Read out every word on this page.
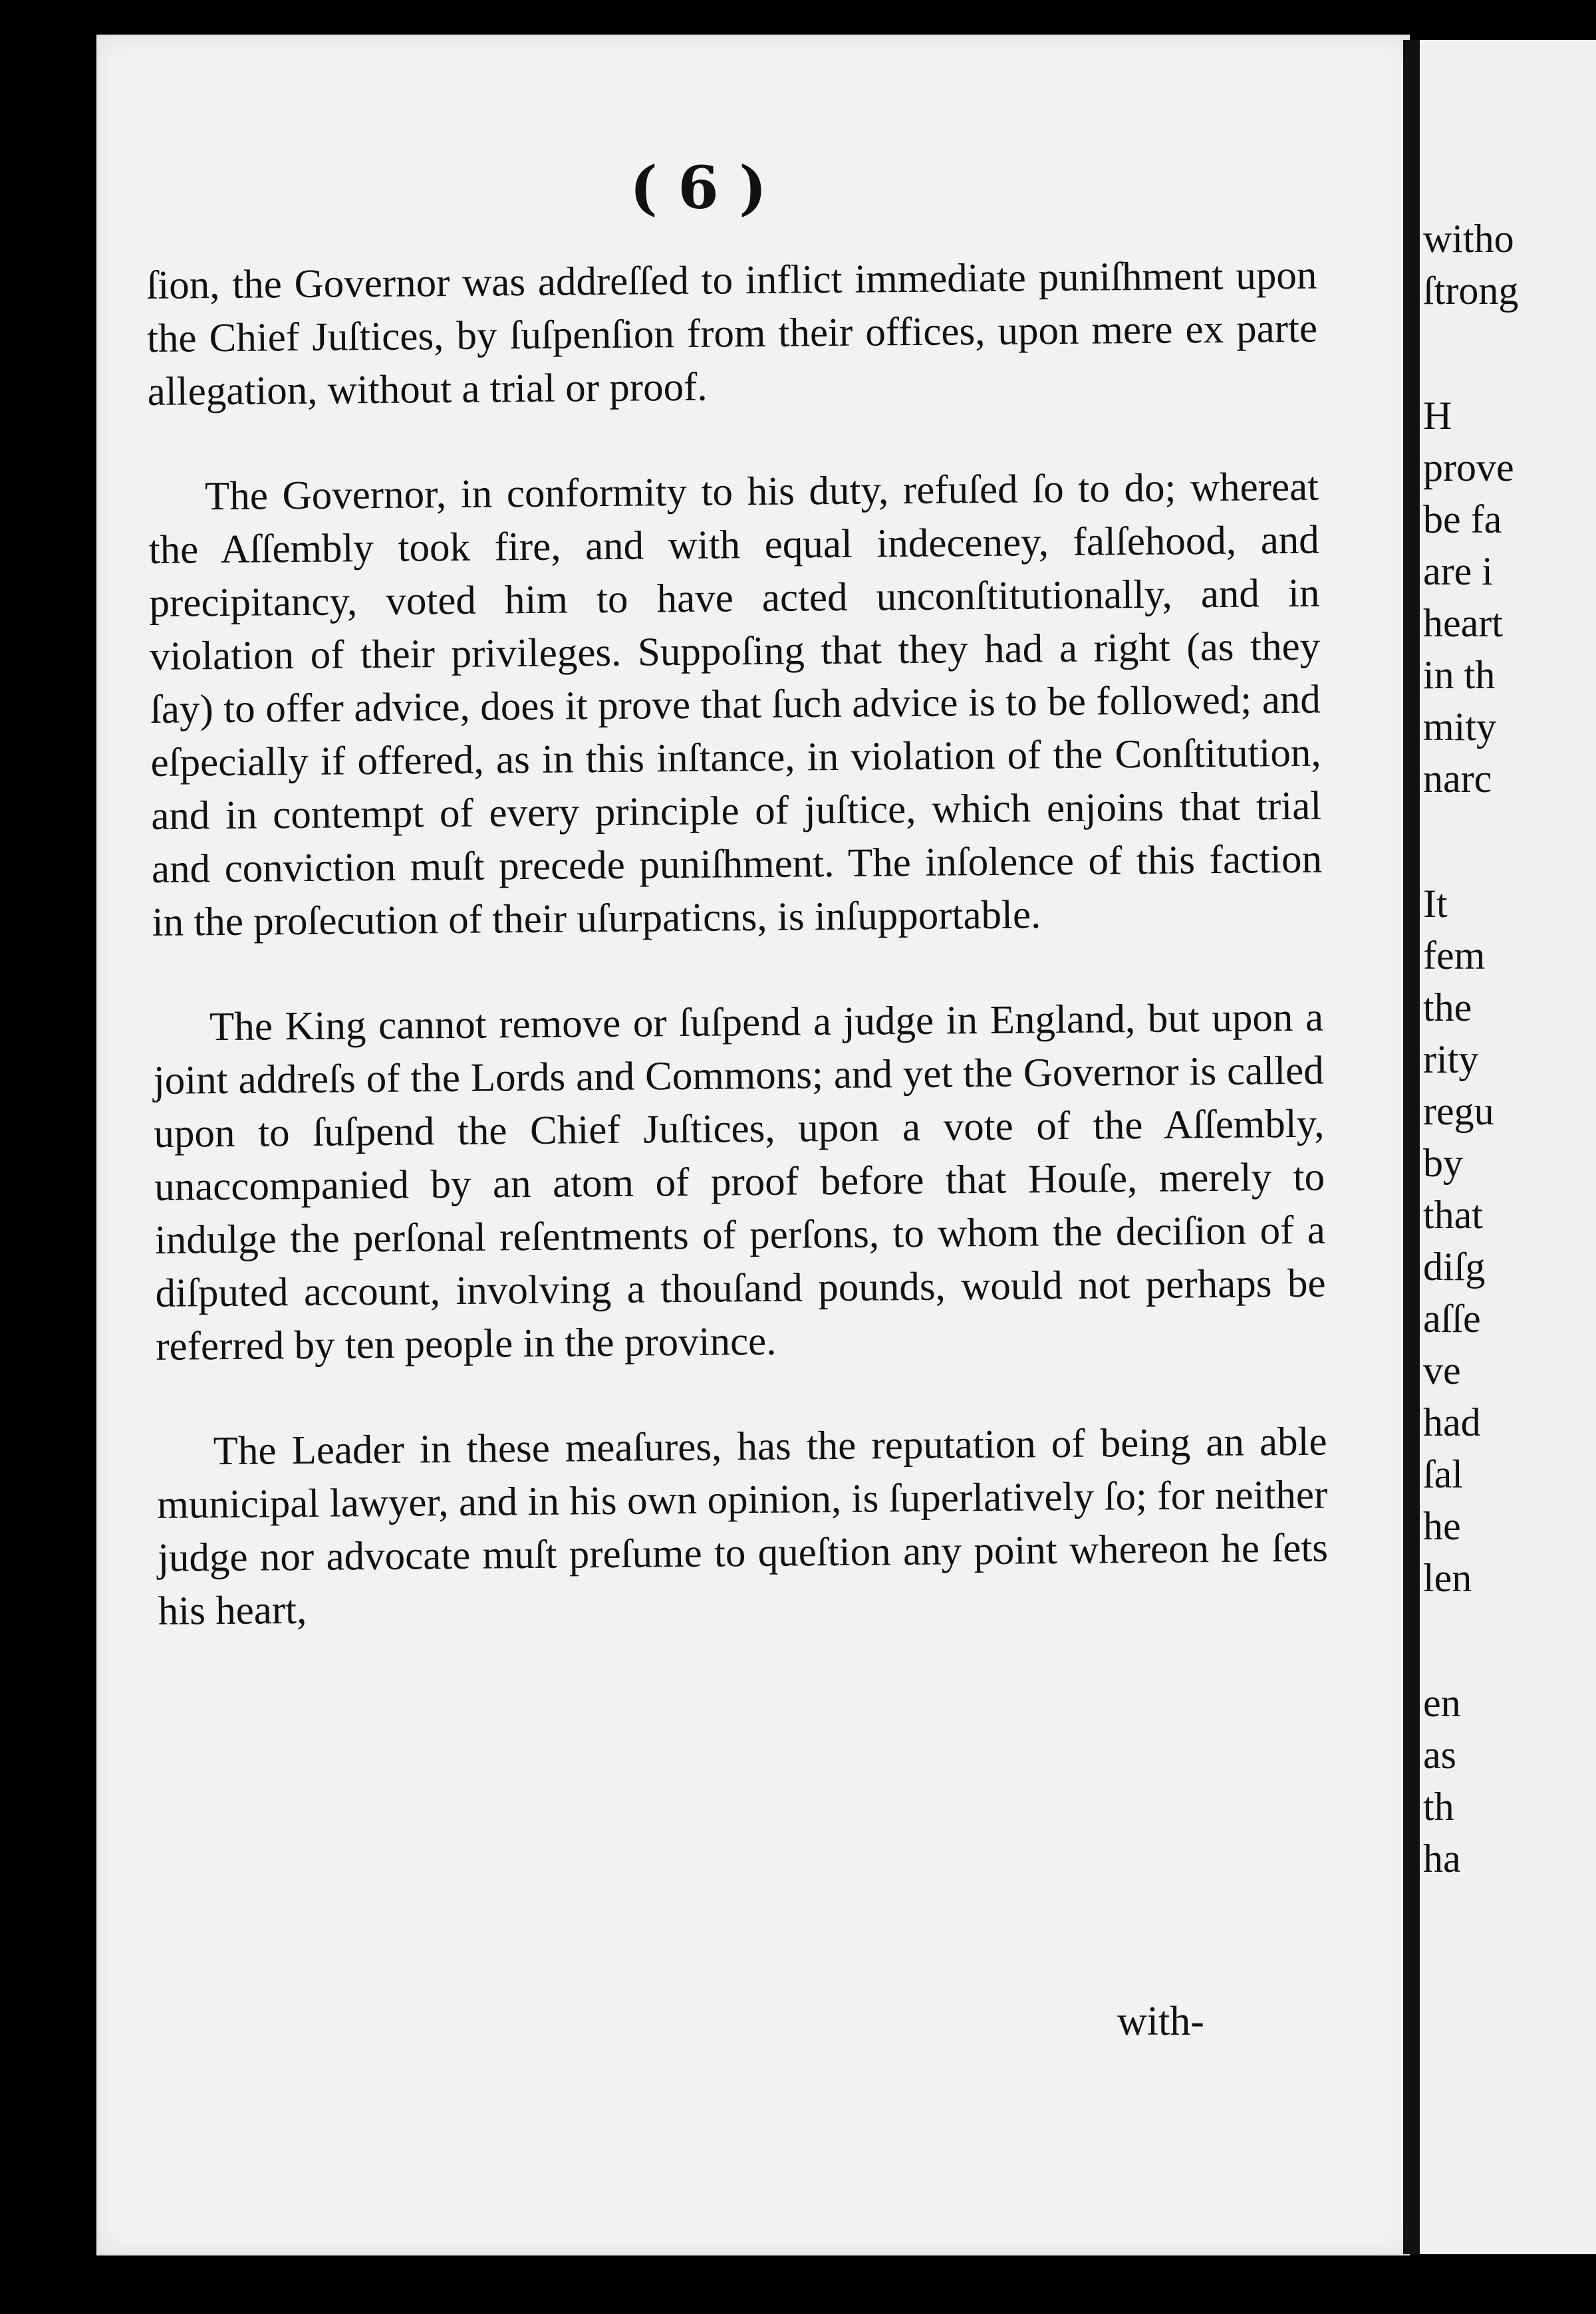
( 6 )

ſion, the Governor was addreſſed to inflict immediate puniſhment upon the Chief Juſtices, by ſuſpenſion from their offices, upon mere ex parte allegation, without a trial or proof.

The Governor, in conformity to his duty, refuſed ſo to do; whereat the Aſſembly took fire, and with equal indeceney, falſehood, and precipitancy, voted him to have acted unconſtitutionally, and in violation of their privileges. Suppoſing that they had a right (as they ſay) to offer advice, does it prove that ſuch advice is to be followed; and eſpecially if offered, as in this inſtance, in violation of the Conſtitution, and in contempt of every principle of juſtice, which enjoins that trial and conviction muſt precede puniſhment. The inſolence of this faction in the proſecution of their uſurpaticns, is inſupportable.

The King cannot remove or ſuſpend a judge in England, but upon a joint addreſs of the Lords and Commons; and yet the Governor is called upon to ſuſpend the Chief Juſtices, upon a vote of the Aſſembly, unaccompanied by an atom of proof before that Houſe, merely to indulge the perſonal reſentments of perſons, to whom the deciſion of a diſputed account, involving a thouſand pounds, would not perhaps be referred by ten people in the province.

The Leader in these meaſures, has the reputation of being an able municipal lawyer, and in his own opinion, is ſuperlatively ſo; for neither judge nor advocate muſt preſume to queſtion any point whereon he ſets his heart,

with-
witho
ſtrong
H
prove
be fa
are i
heart
in th
mity
narc
It
fem
the
rity
regu
by
that
diſg
aſſe
ve
had
ſal
he
len
en
as
th
ha
